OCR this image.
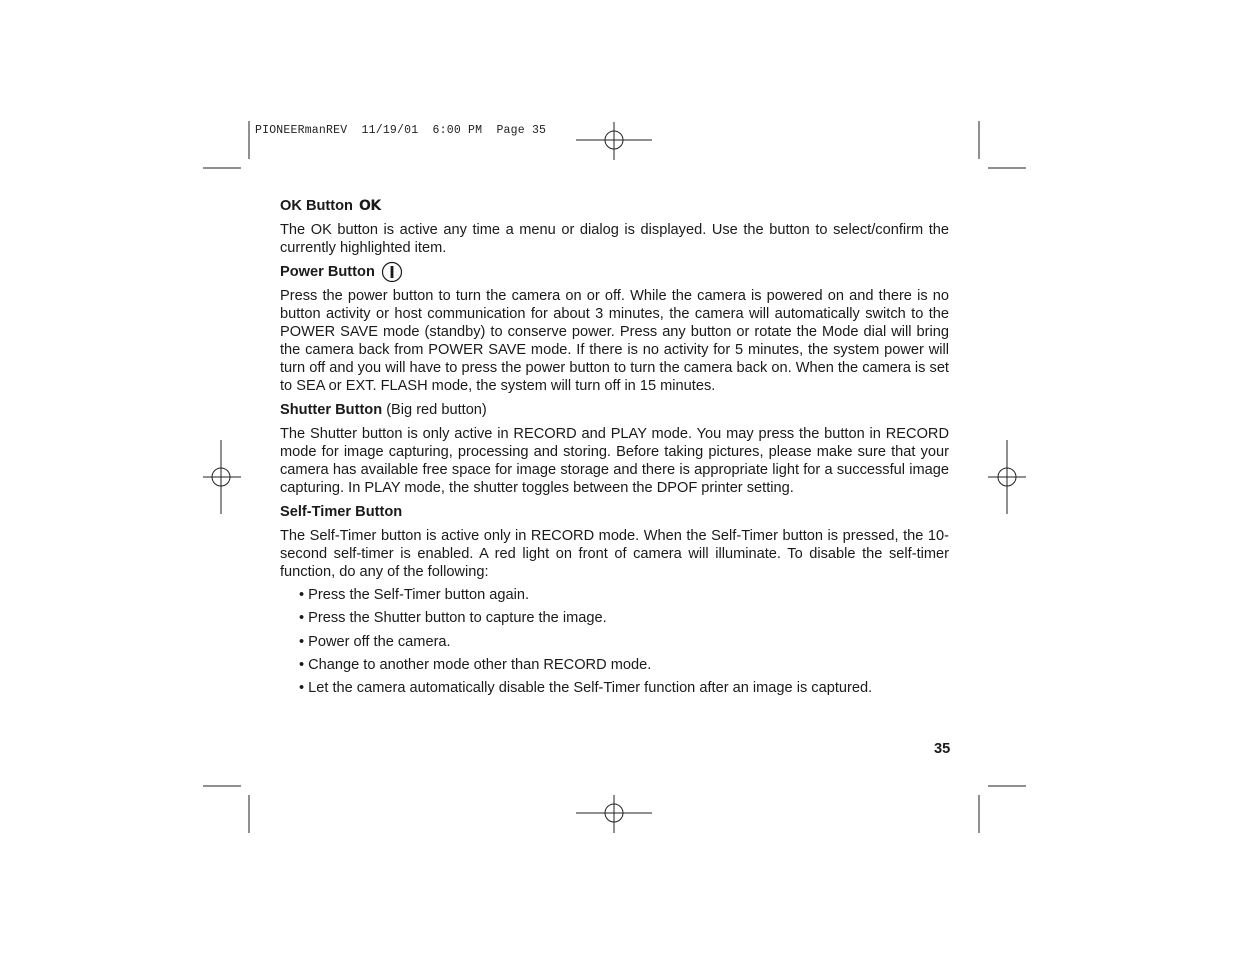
PIONEERmanREV  11/19/01  6:00 PM  Page 35
OK Button OK

The OK button is active any time a menu or dialog is displayed. Use the button to select/confirm the currently highlighted item.

Power Button

Press the power button to turn the camera on or off. While the camera is powered on and there is no button activity or host communication for about 3 minutes, the camera will automatically switch to the POWER SAVE mode (standby) to conserve power. Press any button or rotate the Mode dial will bring the camera back from POWER SAVE mode. If there is no activity for 5 minutes, the system power will turn off and you will have to press the power button to turn the camera back on. When the camera is set to SEA or EXT. FLASH mode, the system will turn off in 15 minutes.

Shutter Button (Big red button)

The Shutter button is only active in RECORD and PLAY mode. You may press the button in RECORD mode for image capturing, processing and storing. Before taking pictures, please make sure that your camera has available free space for image storage and there is appropriate light for a successful image capturing. In PLAY mode, the shutter toggles between the DPOF printer setting.

Self-Timer Button

The Self-Timer button is active only in RECORD mode. When the Self-Timer button is pressed, the 10-second self-timer is enabled. A red light on front of camera will illuminate. To disable the self-timer function, do any of the following:

• Press the Self-Timer button again.
• Press the Shutter button to capture the image.
• Power off the camera.
• Change to another mode other than RECORD mode.
• Let the camera automatically disable the Self-Timer function after an image is captured.
35
